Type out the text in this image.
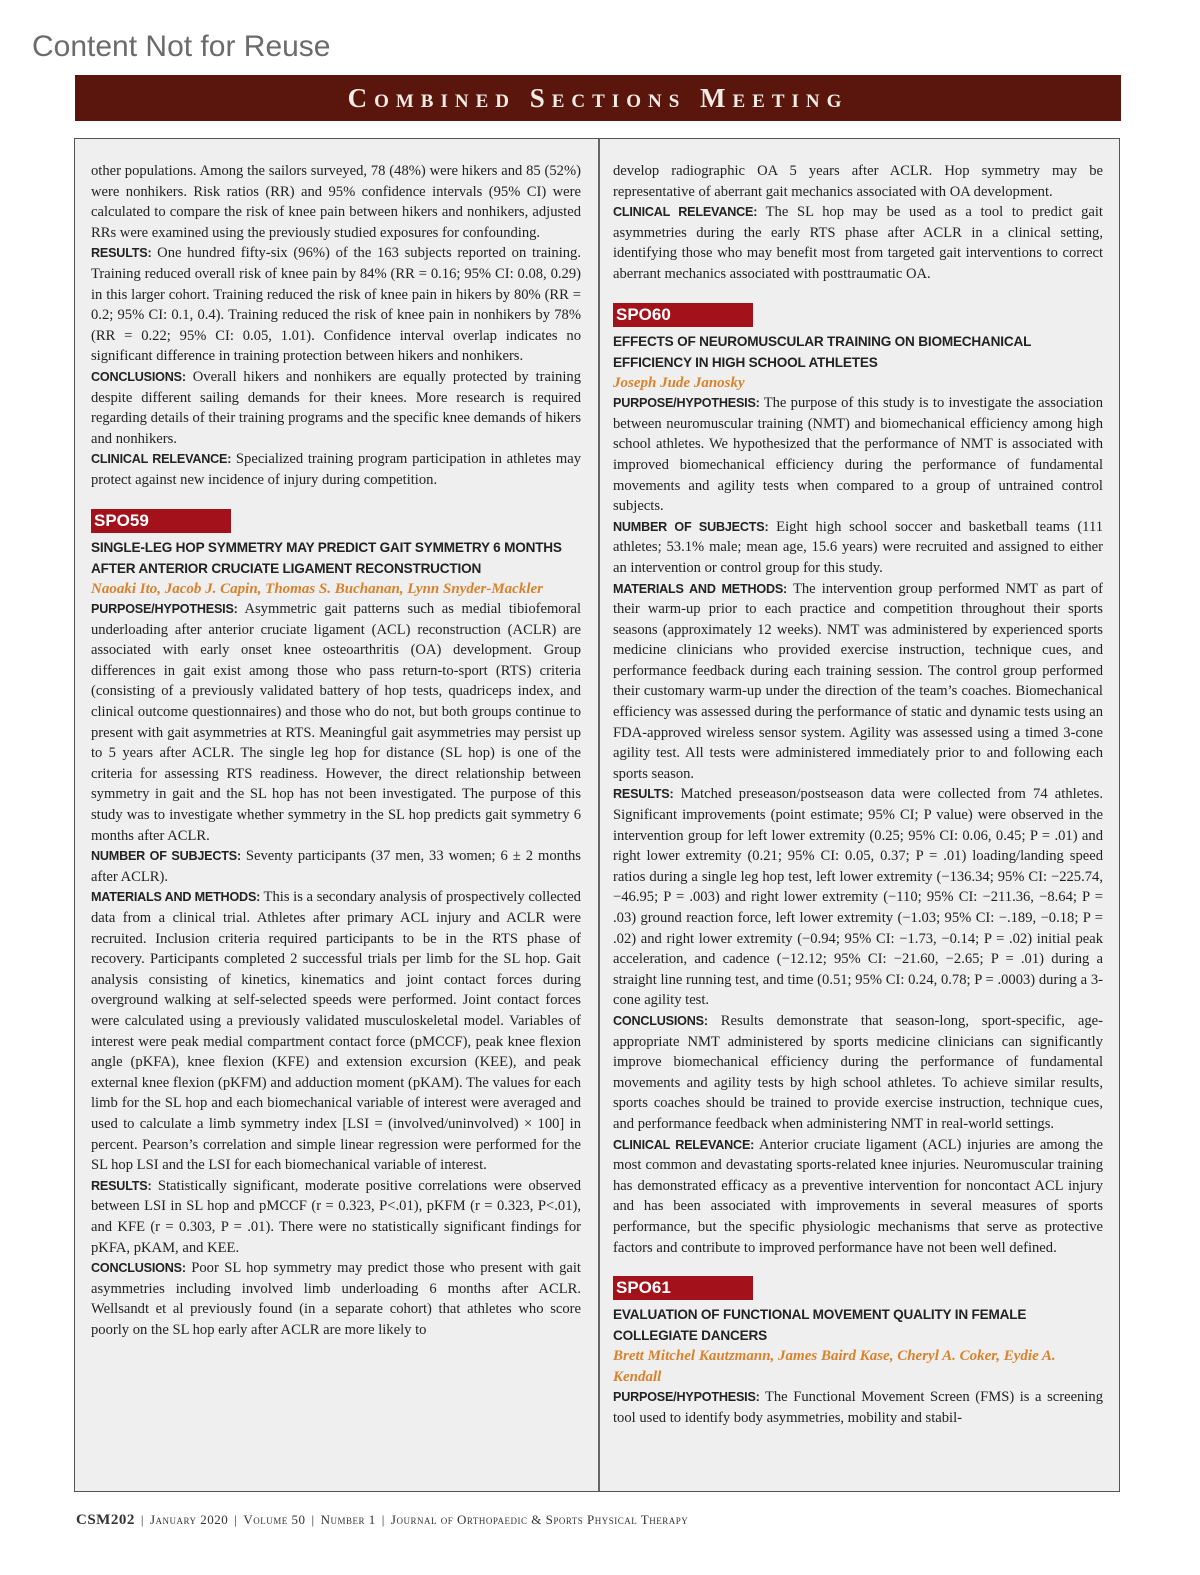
Content Not for Reuse
Combined Sections Meeting

other populations. Among the sailors surveyed, 78 (48%) were hikers and 85 (52%) were nonhikers. Risk ratios (RR) and 95% confidence intervals (95% CI) were calculated to compare the risk of knee pain between hikers and nonhikers, adjusted RRs were examined using the previously studied exposures for confounding.

RESULTS: One hundred fifty-six (96%) of the 163 subjects reported on training. Training reduced overall risk of knee pain by 84% (RR = 0.16; 95% CI: 0.08, 0.29) in this larger cohort. Training reduced the risk of knee pain in hikers by 80% (RR = 0.2; 95% CI: 0.1, 0.4). Training reduced the risk of knee pain in nonhikers by 78% (RR = 0.22; 95% CI: 0.05, 1.01). Confidence interval overlap indicates no significant difference in training protection between hikers and nonhikers.

CONCLUSIONS: Overall hikers and nonhikers are equally protected by training despite different sailing demands for their knees. More research is required regarding details of their training programs and the specific knee demands of hikers and nonhikers.

CLINICAL RELEVANCE: Specialized training program participation in athletes may protect against new incidence of injury during competition.

SPO59
SINGLE-LEG HOP SYMMETRY MAY PREDICT GAIT SYMMETRY 6 MONTHS AFTER ANTERIOR CRUCIATE LIGAMENT RECONSTRUCTION
Naoaki Ito, Jacob J. Capin, Thomas S. Buchanan, Lynn Snyder-Mackler

PURPOSE/HYPOTHESIS: Asymmetric gait patterns such as medial tibiofemoral underloading after anterior cruciate ligament (ACL) reconstruction (ACLR) are associated with early onset knee osteoarthritis (OA) development. Group differences in gait exist among those who pass return-to-sport (RTS) criteria (consisting of a previously validated battery of hop tests, quadriceps index, and clinical outcome questionnaires) and those who do not, but both groups continue to present with gait asymmetries at RTS. Meaningful gait asymmetries may persist up to 5 years after ACLR. The single leg hop for distance (SL hop) is one of the criteria for assessing RTS readiness. However, the direct relationship between symmetry in gait and the SL hop has not been investigated. The purpose of this study was to investigate whether symmetry in the SL hop predicts gait symmetry 6 months after ACLR.

NUMBER OF SUBJECTS: Seventy participants (37 men, 33 women; 6 ± 2 months after ACLR).

MATERIALS AND METHODS: This is a secondary analysis of prospectively collected data from a clinical trial. Athletes after primary ACL injury and ACLR were recruited. Inclusion criteria required participants to be in the RTS phase of recovery. Participants completed 2 successful trials per limb for the SL hop. Gait analysis consisting of kinetics, kinematics and joint contact forces during overground walking at self-selected speeds were performed. Joint contact forces were calculated using a previously validated musculoskeletal model. Variables of interest were peak medial compartment contact force (pMCCF), peak knee flexion angle (pKFA), knee flexion (KFE) and extension excursion (KEE), and peak external knee flexion (pKFM) and adduction moment (pKAM). The values for each limb for the SL hop and each biomechanical variable of interest were averaged and used to calculate a limb symmetry index [LSI = (involved/uninvolved) × 100] in percent. Pearson’s correlation and simple linear regression were performed for the SL hop LSI and the LSI for each biomechanical variable of interest.

RESULTS: Statistically significant, moderate positive correlations were observed between LSI in SL hop and pMCCF (r = 0.323, P<.01), pKFM (r = 0.323, P<.01), and KFE (r = 0.303, P = .01). There were no statistically significant findings for pKFA, pKAM, and KEE.

CONCLUSIONS: Poor SL hop symmetry may predict those who present with gait asymmetries including involved limb underloading 6 months after ACLR. Wellsandt et al previously found (in a separate cohort) that athletes who score poorly on the SL hop early after ACLR are more likely to

develop radiographic OA 5 years after ACLR. Hop symmetry may be representative of aberrant gait mechanics associated with OA development.

CLINICAL RELEVANCE: The SL hop may be used as a tool to predict gait asymmetries during the early RTS phase after ACLR in a clinical setting, identifying those who may benefit most from targeted gait interventions to correct aberrant mechanics associated with posttraumatic OA.

SPO60
EFFECTS OF NEUROMUSCULAR TRAINING ON BIOMECHANICAL EFFICIENCY IN HIGH SCHOOL ATHLETES
Joseph Jude Janosky

PURPOSE/HYPOTHESIS: The purpose of this study is to investigate the association between neuromuscular training (NMT) and biomechanical efficiency among high school athletes. We hypothesized that the performance of NMT is associated with improved biomechanical efficiency during the performance of fundamental movements and agility tests when compared to a group of untrained control subjects.

NUMBER OF SUBJECTS: Eight high school soccer and basketball teams (111 athletes; 53.1% male; mean age, 15.6 years) were recruited and assigned to either an intervention or control group for this study.

MATERIALS AND METHODS: The intervention group performed NMT as part of their warm-up prior to each practice and competition throughout their sports seasons (approximately 12 weeks). NMT was administered by experienced sports medicine clinicians who provided exercise instruction, technique cues, and performance feedback during each training session. The control group performed their customary warm-up under the direction of the team’s coaches. Biomechanical efficiency was assessed during the performance of static and dynamic tests using an FDA-approved wireless sensor system. Agility was assessed using a timed 3-cone agility test. All tests were administered immediately prior to and following each sports season.

RESULTS: Matched preseason/postseason data were collected from 74 athletes. Significant improvements (point estimate; 95% CI; P value) were observed in the intervention group for left lower extremity (0.25; 95% CI: 0.06, 0.45; P = .01) and right lower extremity (0.21; 95% CI: 0.05, 0.37; P = .01) loading/landing speed ratios during a single leg hop test, left lower extremity (−136.34; 95% CI: −225.74, −46.95; P = .003) and right lower extremity (−110; 95% CI: −211.36, −8.64; P = .03) ground reaction force, left lower extremity (−1.03; 95% CI: −.189, −0.18; P = .02) and right lower extremity (−0.94; 95% CI: −1.73, −0.14; P = .02) initial peak acceleration, and cadence (−12.12; 95% CI: −21.60, −2.65; P = .01) during a straight line running test, and time (0.51; 95% CI: 0.24, 0.78; P = .0003) during a 3-cone agility test.

CONCLUSIONS: Results demonstrate that season-long, sport-specific, age-appropriate NMT administered by sports medicine clinicians can significantly improve biomechanical efficiency during the performance of fundamental movements and agility tests by high school athletes. To achieve similar results, sports coaches should be trained to provide exercise instruction, technique cues, and performance feedback when administering NMT in real-world settings.

CLINICAL RELEVANCE: Anterior cruciate ligament (ACL) injuries are among the most common and devastating sports-related knee injuries. Neuromuscular training has demonstrated efficacy as a preventive intervention for noncontact ACL injury and has been associated with improvements in several measures of sports performance, but the specific physiologic mechanisms that serve as protective factors and contribute to improved performance have not been well defined.

SPO61
EVALUATION OF FUNCTIONAL MOVEMENT QUALITY IN FEMALE COLLEGIATE DANCERS
Brett Mitchel Kautzmann, James Baird Kase, Cheryl A. Coker, Eydie A. Kendall

PURPOSE/HYPOTHESIS: The Functional Movement Screen (FMS) is a screening tool used to identify body asymmetries, mobility and stabil-

CSM202 | January 2020 | Volume 50 | Number 1 | Journal of Orthopaedic & Sports Physical Therapy
